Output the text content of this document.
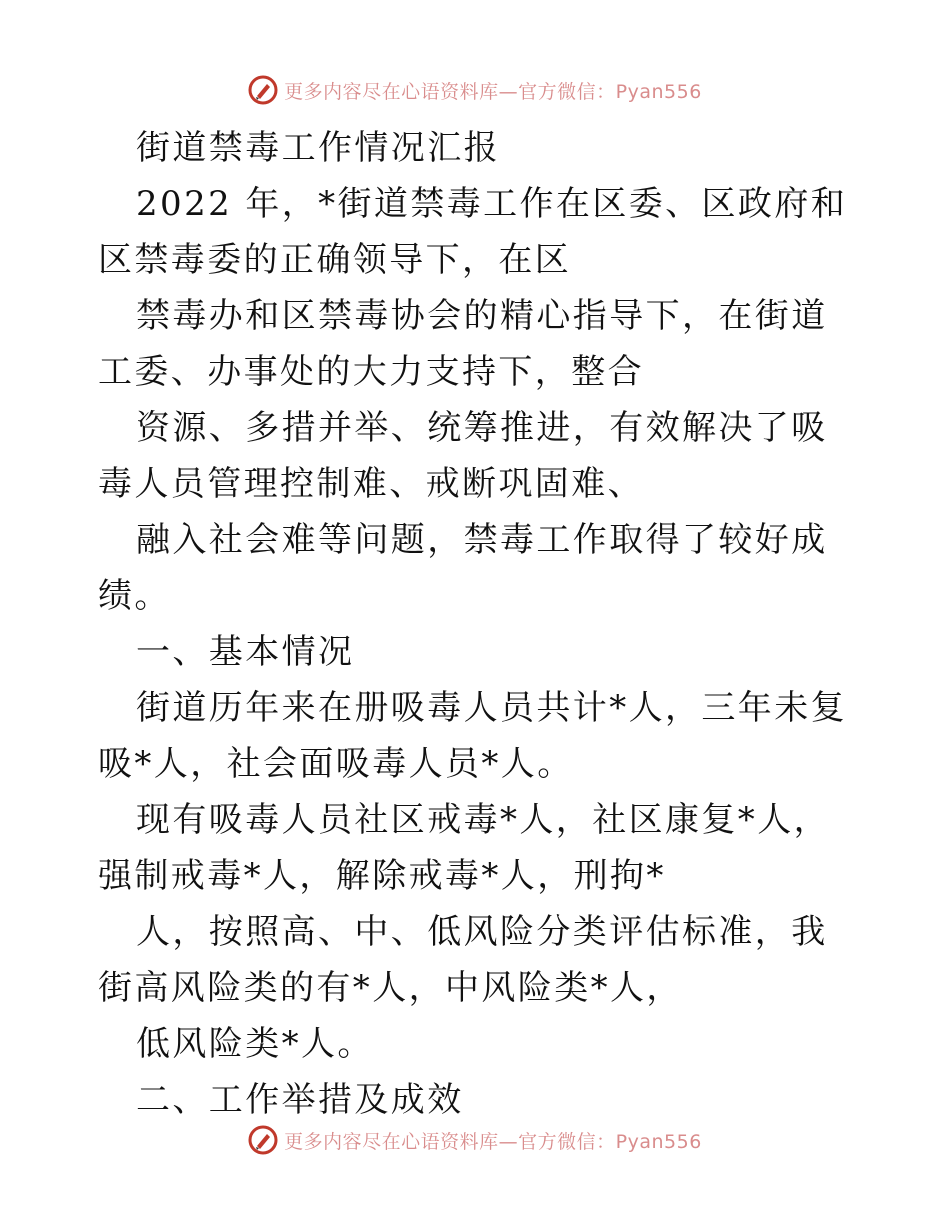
更多内容尽在心语资料库—官方微信：Pyan556

街道禁毒工作情况汇报

2022 年，*街道禁毒工作在区委、区政府和区禁毒委的正确领导下，在区

禁毒办和区禁毒协会的精心指导下，在街道工委、办事处的大力支持下，整合

资源、多措并举、统筹推进，有效解决了吸毒人员管理控制难、戒断巩固难、

融入社会难等问题，禁毒工作取得了较好成绩。

一、基本情况

街道历年来在册吸毒人员共计*人，三年未复吸*人，社会面吸毒人员*人。

现有吸毒人员社区戒毒*人，社区康复*人，强制戒毒*人，解除戒毒*人，刑拘*

人，按照高、中、低风险分类评估标准，我街高风险类的有*人，中风险类*人，

低风险类*人。

二、工作举措及成效

更多内容尽在心语资料库—官方微信：Pyan556
